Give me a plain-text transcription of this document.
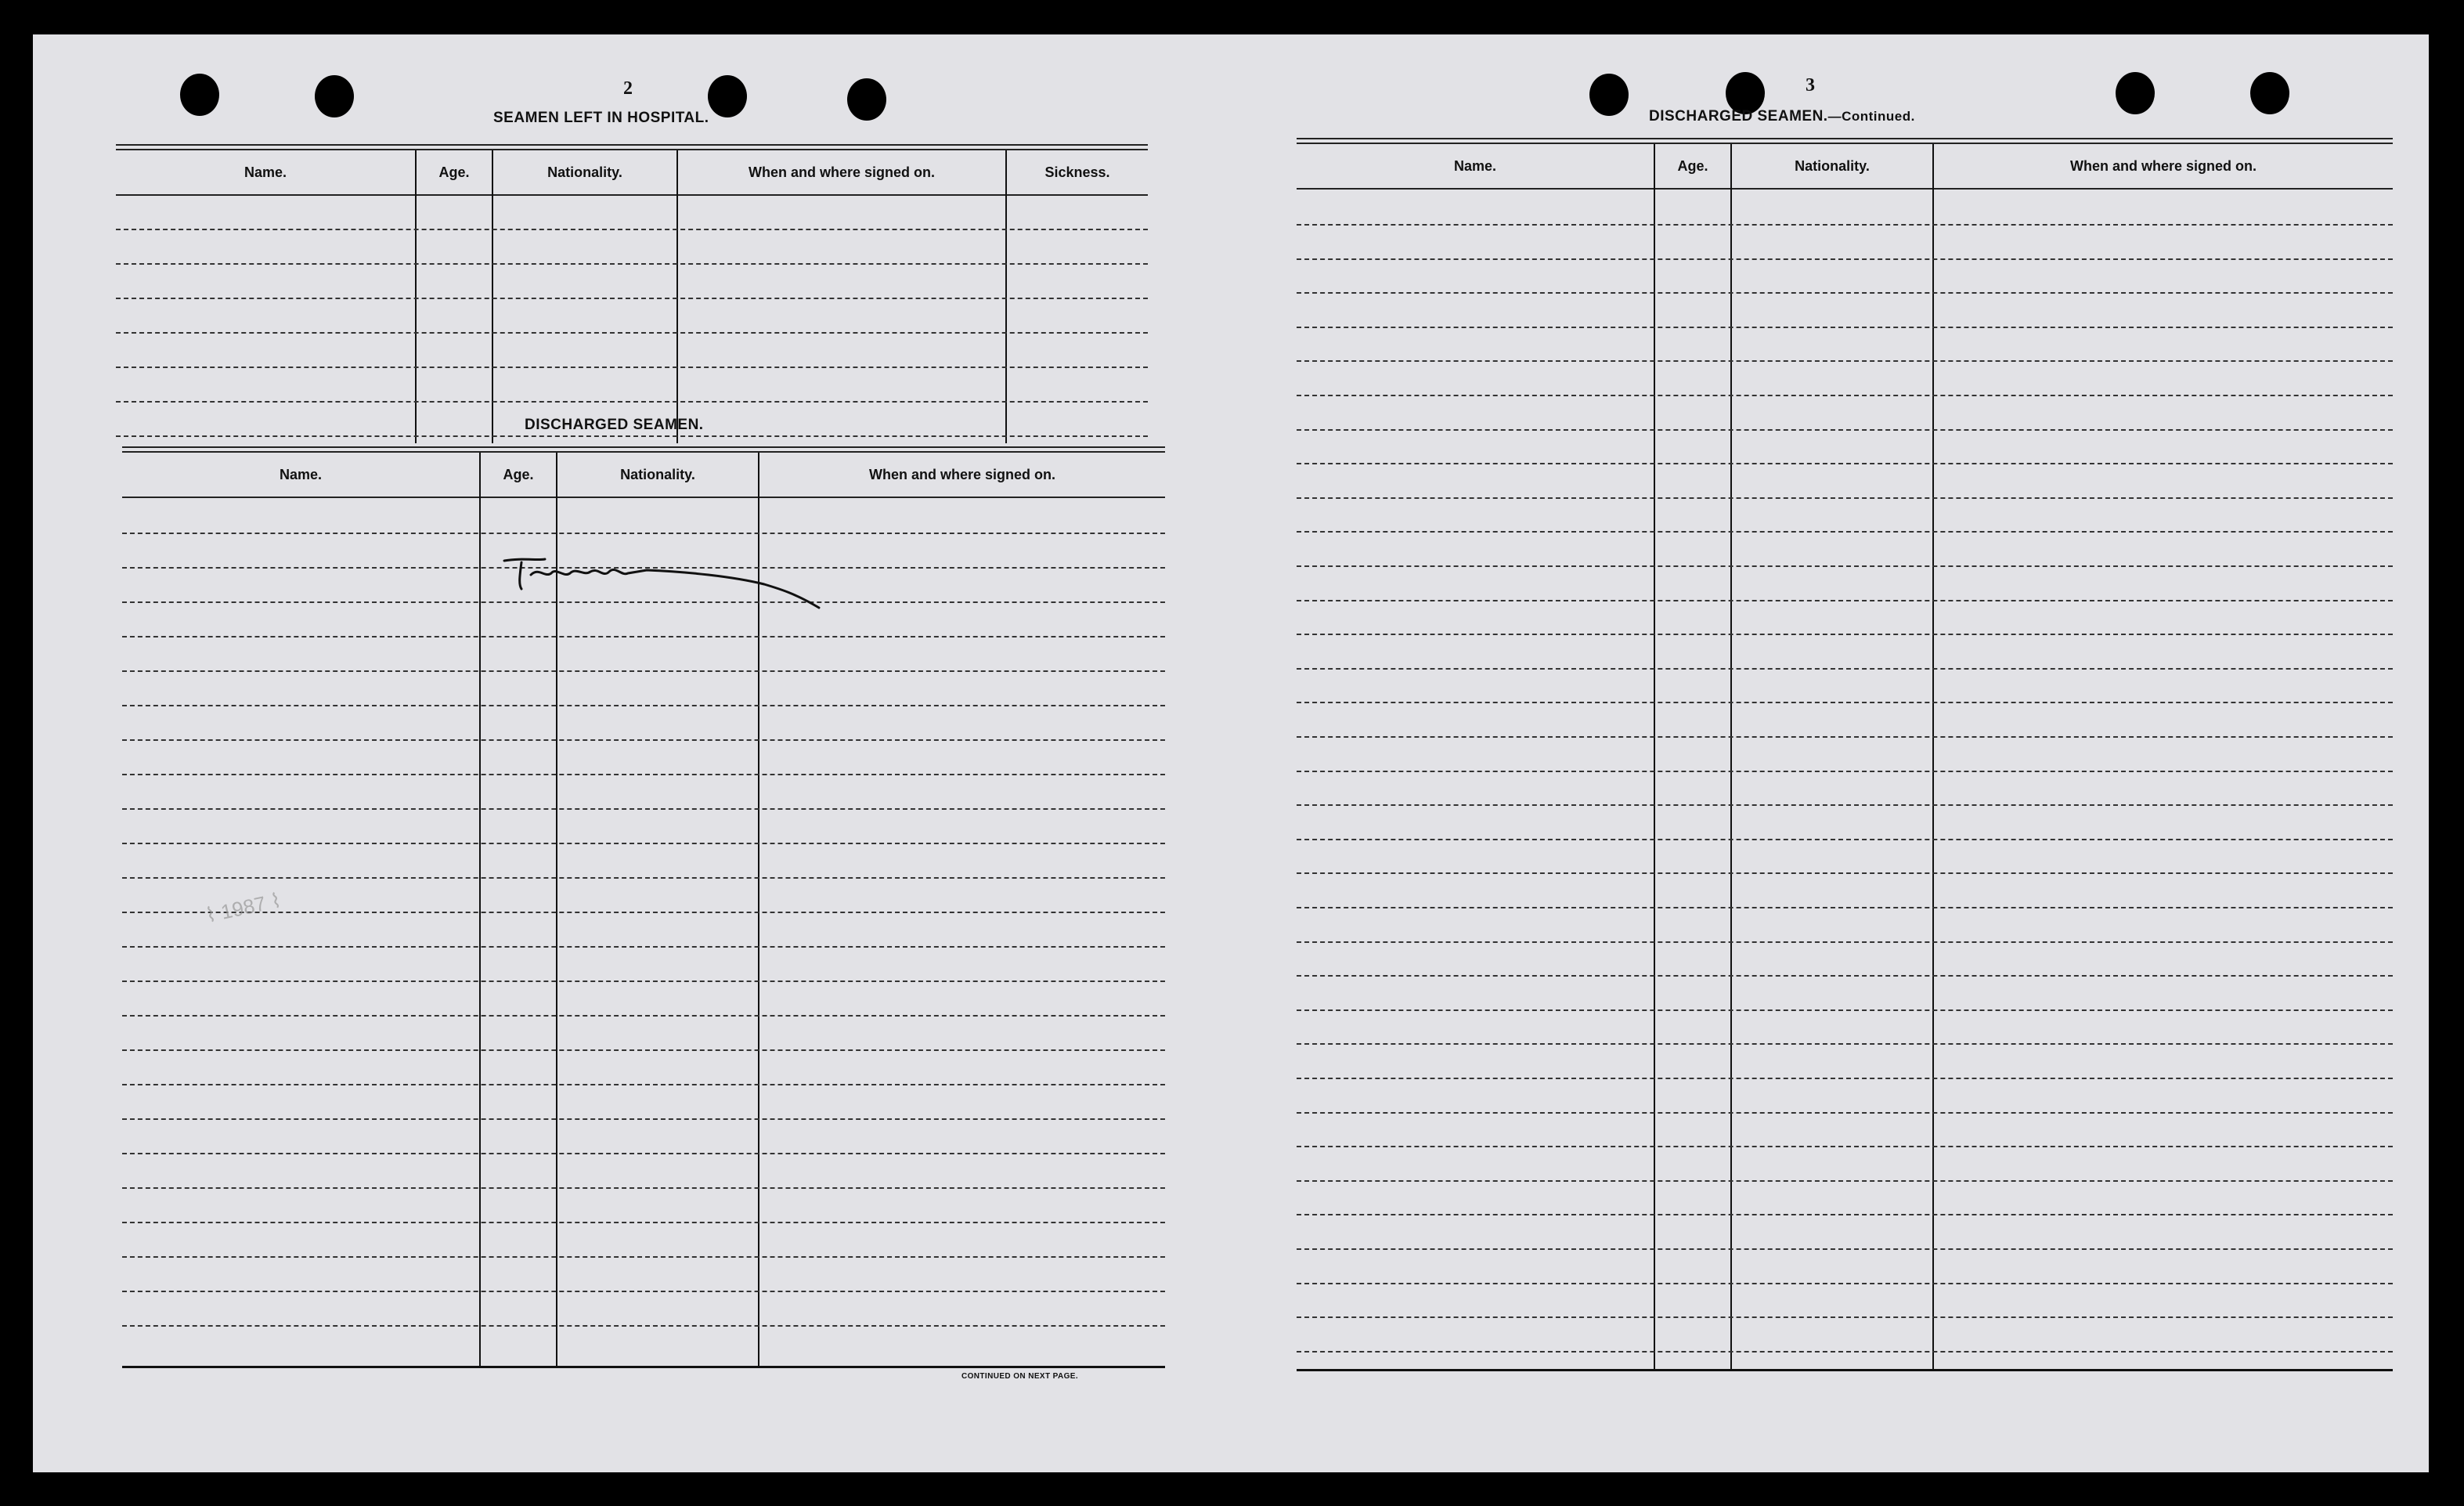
2
SEAMEN LEFT IN HOSPITAL.
Name.	Age.	Nationality.	When and where signed on.	Sickness.
DISCHARGED SEAMEN.
Name.	Age.	Nationality.	When and where signed on.
CONTINUED ON NEXT PAGE.
⌇ 1987 ⌇
3
DISCHARGED SEAMEN.—Continued.
Name.	Age.	Nationality.	When and where signed on.
